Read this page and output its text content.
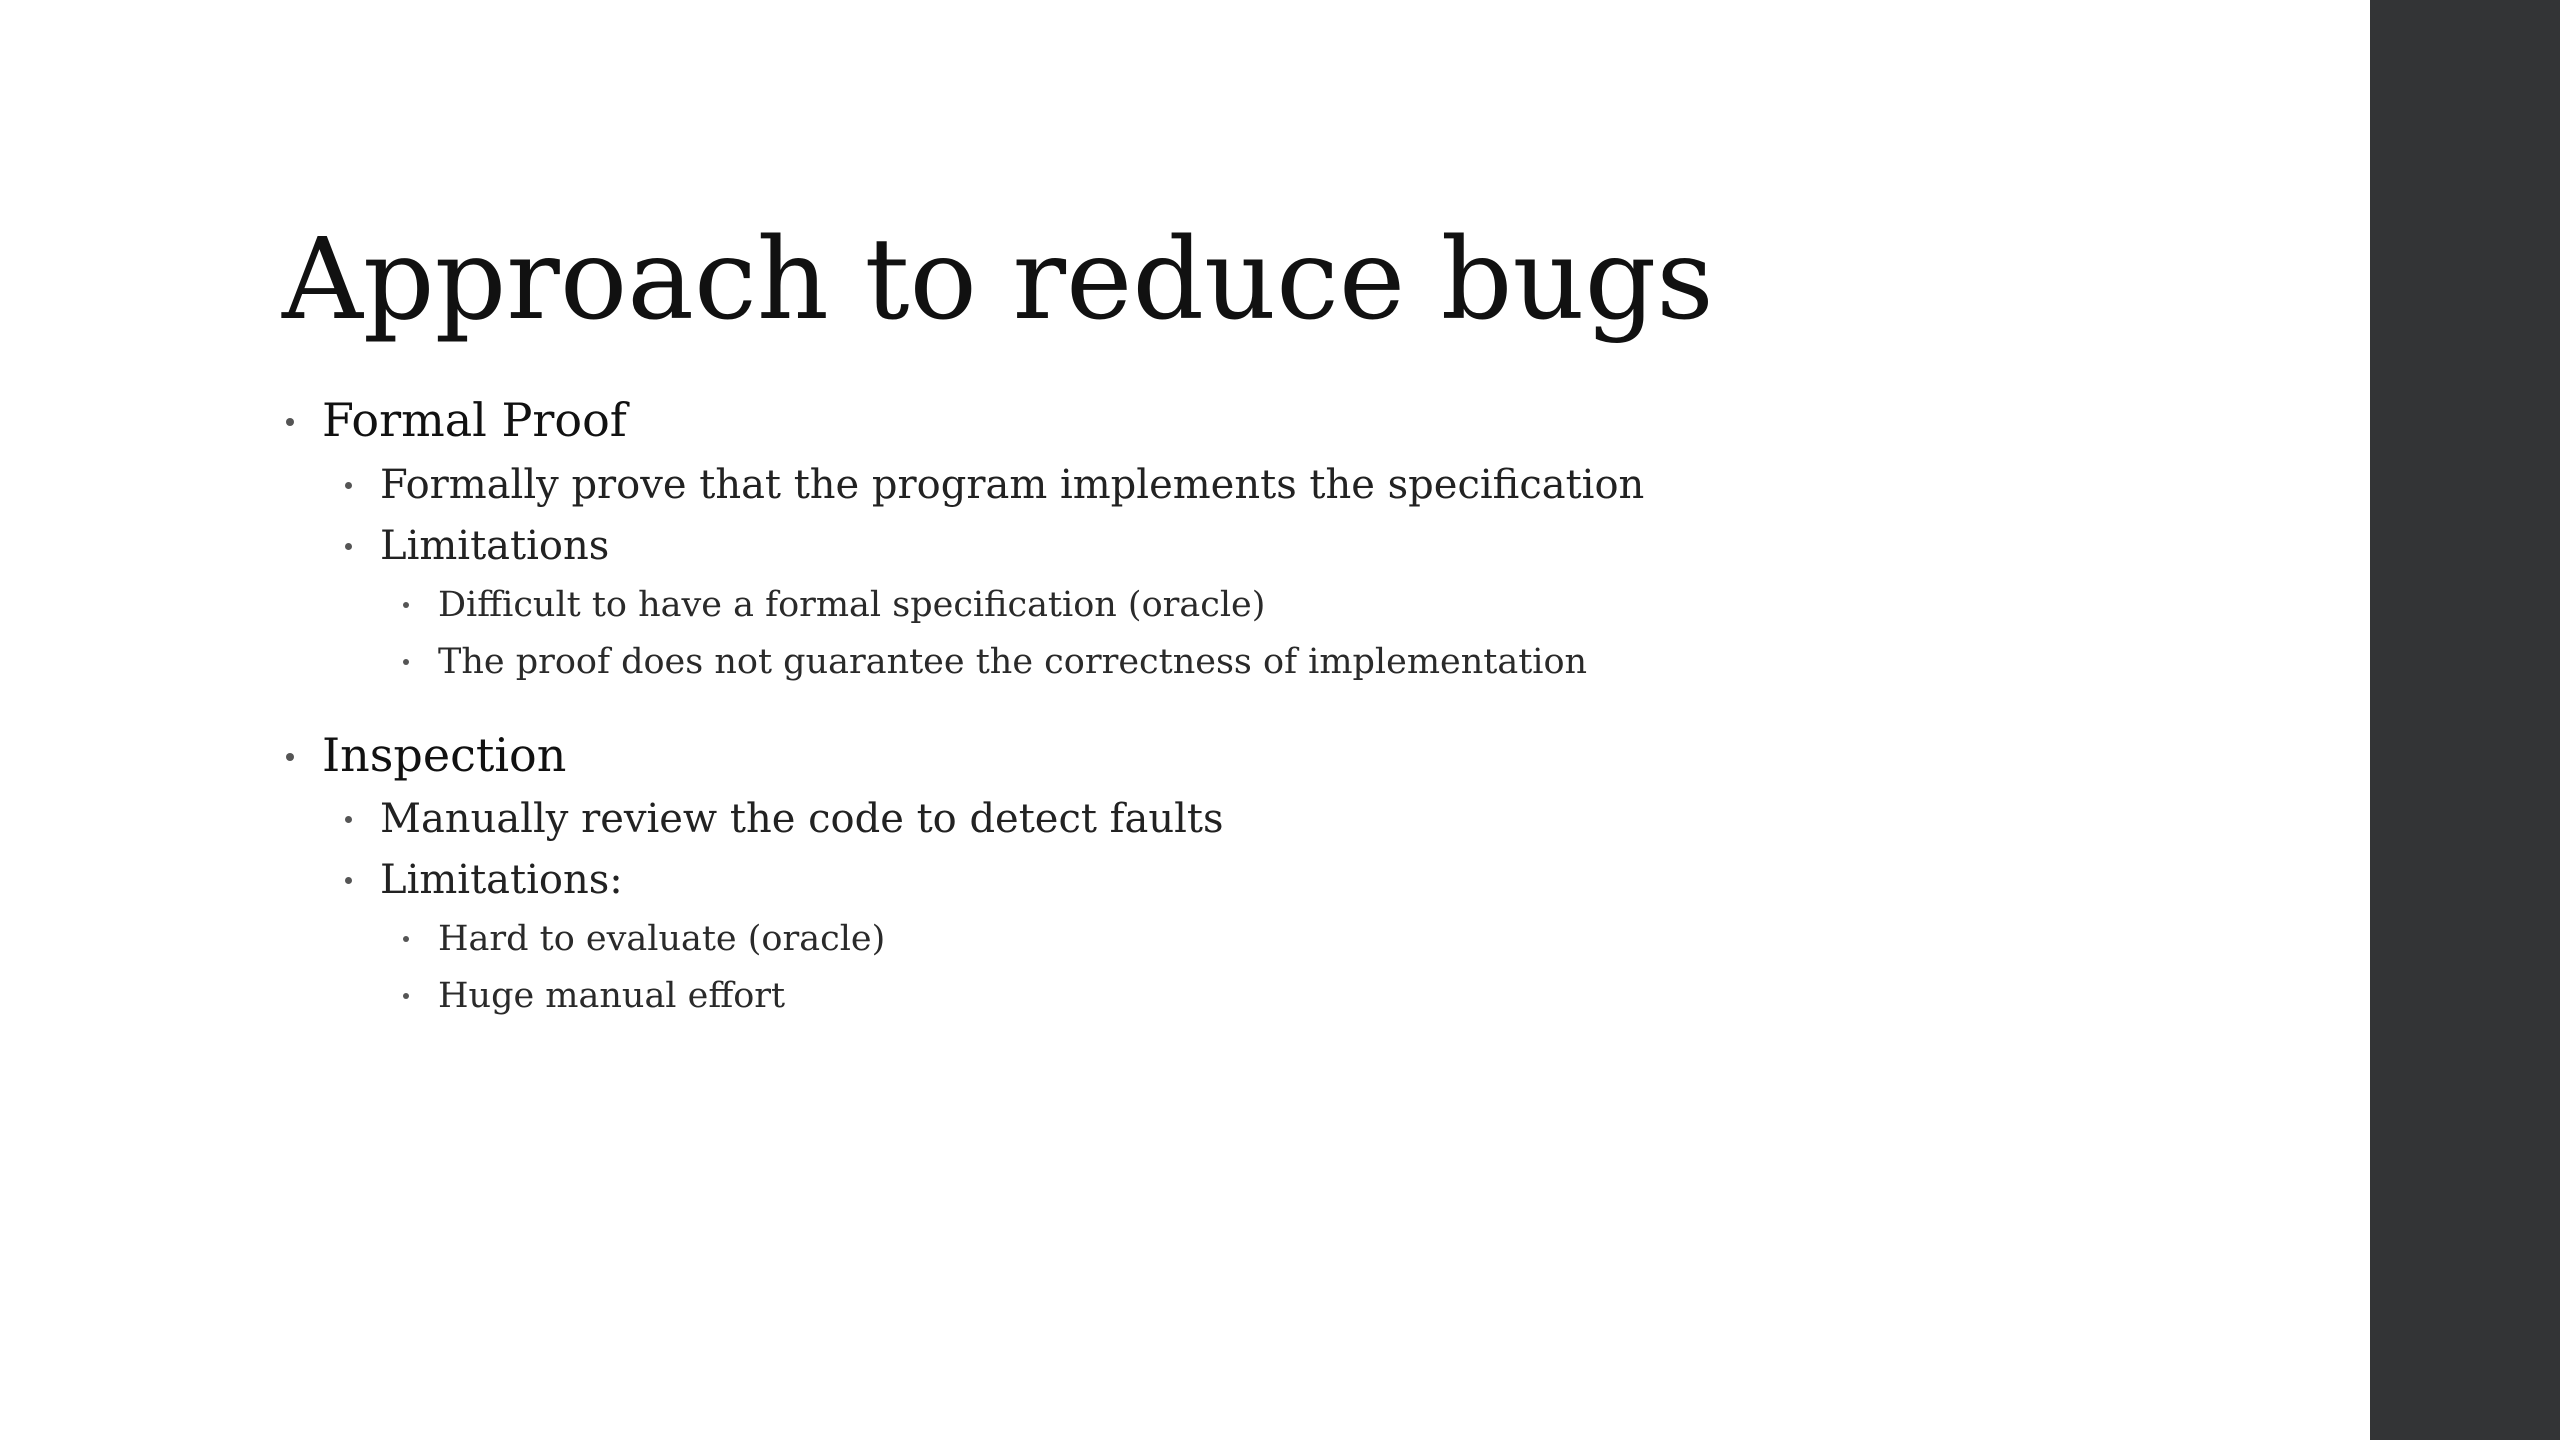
Approach to reduce bugs
Formal Proof
Formally prove that the program implements the specification
Limitations
Difficult to have a formal specification (oracle)
The proof does not guarantee the correctness of implementation
Inspection
Manually review the code to detect faults
Limitations:
Hard to evaluate (oracle)
Huge manual effort
